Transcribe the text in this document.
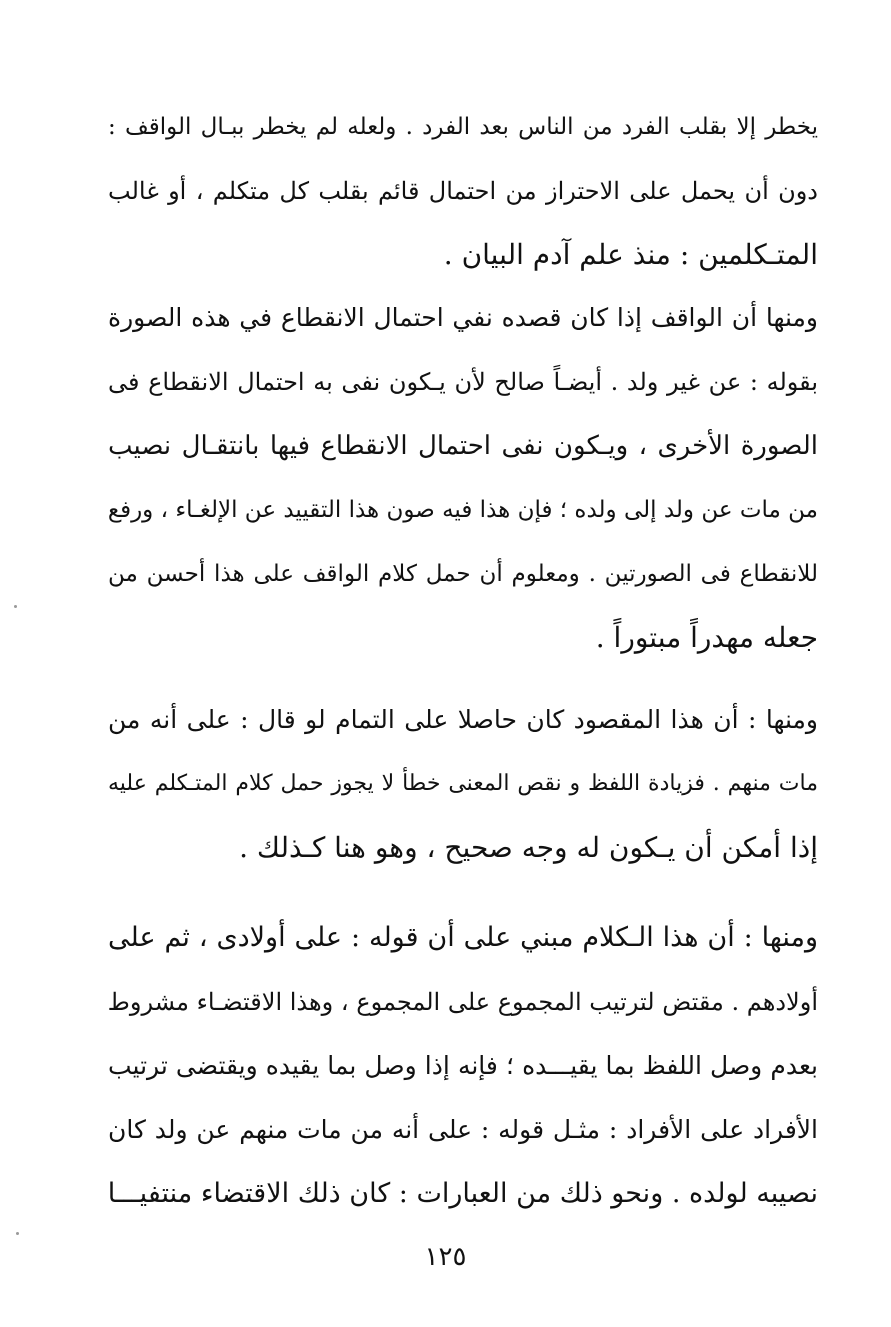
يخطر إلا بقلب الفرد من الناس بعد الفرد . ولعله لم يخطر ببـال الواقف :
دون أن يحمل على الاحتراز من احتمال قائم بقلب كل متكلم ، أو غالب
المتـكلمين : منذ علم آدم البيان .
ومنها أن الواقف إذا كان قصده نفي احتمال الانقطاع في هذه الصورة
بقوله : عن غير ولد . أيضـاً صالح لأن يـكون نفى به احتمال الانقطاع فى
الصورة الأخرى ، ويـكون نفى احتمال الانقطاع فيها بانتقـال نصيب
من مات عن ولد إلى ولده ؛ فإن هذا فيه صون هذا التقييد عن الإلغـاء ، ورفع
للانقطاع فى الصورتين . ومعلوم أن حمل كلام الواقف على هذا أحسن من
جعله مهدراً مبتوراً .
ومنها : أن هذا المقصود كان حاصلا على التمام لو قال : على أنه من
مات منهم . فزيادة اللفظ و نقص المعنى خطأ لا يجوز حمل كلام المتـكلم عليه
إذا أمكن أن يـكون له وجه صحيح ، وهو هنا كـذلك .
ومنها : أن هذا الـكلام مبني على أن قوله : على أولادى ، ثم على
أولادهم . مقتض لترتيب المجموع على المجموع ، وهذا الاقتضـاء مشروط
بعدم وصل اللفظ بما يقيـــده ؛ فإنه إذا وصل بما يقيده ويقتضى ترتيب
الأفراد على الأفراد : مثـل قوله : على أنه من مات منهم عن ولد كان
نصيبه لولده . ونحو ذلك من العبارات : كان ذلك الاقتضاء منتفيـــا
١٢٥
